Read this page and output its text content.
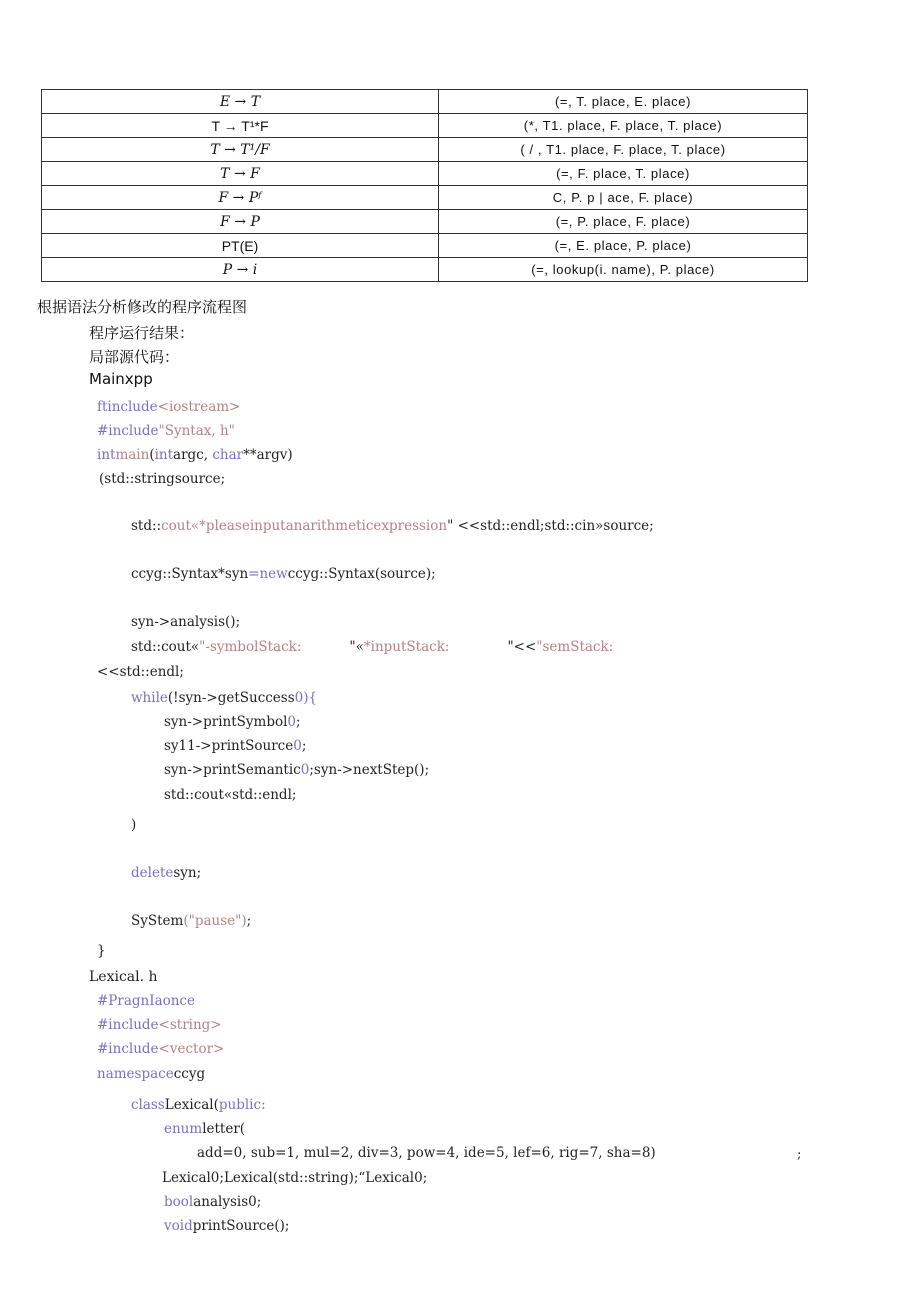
E → T	(=, T. place, E. place)
T → T¹*F	(*, T1. place, F. place, T. place)
T → T¹/F	( / , T1. place, F. place, T. place)
T → F	(=, F. place, T. place)
F → Pᶠ	C, P. p | ace, F. place)
F → P	(=, P. place, F. place)
PT(E)	(=, E. place, P. place)
P → i	(=, lookup(i. name), P. place)
根据语法分析修改的程序流程图
程序运行结果：
局部源代码：
Mainxpp
ftinclude<iostream>
#include"Syntax, h"
intmain(intargc, char**argv)
(std::stringsource;
std::cout«*pleaseinputanarithmeticexpression" <<std::endl;std::cin»source;
ccyg::Syntax*syn=newccyg::Syntax(source);
syn->analysis();
std::cout«"-symbolStack:	"«*inputStack:	"<<"semStack:
<<std::endl;
while(!syn->getSuccess0){
syn->printSymbol0;
sy11->printSource0;
syn->printSemantic0;syn->nextStep();
std::cout«std::endl;
)
deletesyn;
SyStem("pause");
}
Lexical. h
#PragnIaonce
#include<string>
#include<vector>
namespaceccyg
classLexical(public:
enumletter(
add=0, sub=1, mul=2, div=3, pow=4, ide=5, lef=6, rig=7, sha=8)	;
Lexical0;Lexical(std::string);“Lexical0;
boolanalysis0;
voidprintSource();
